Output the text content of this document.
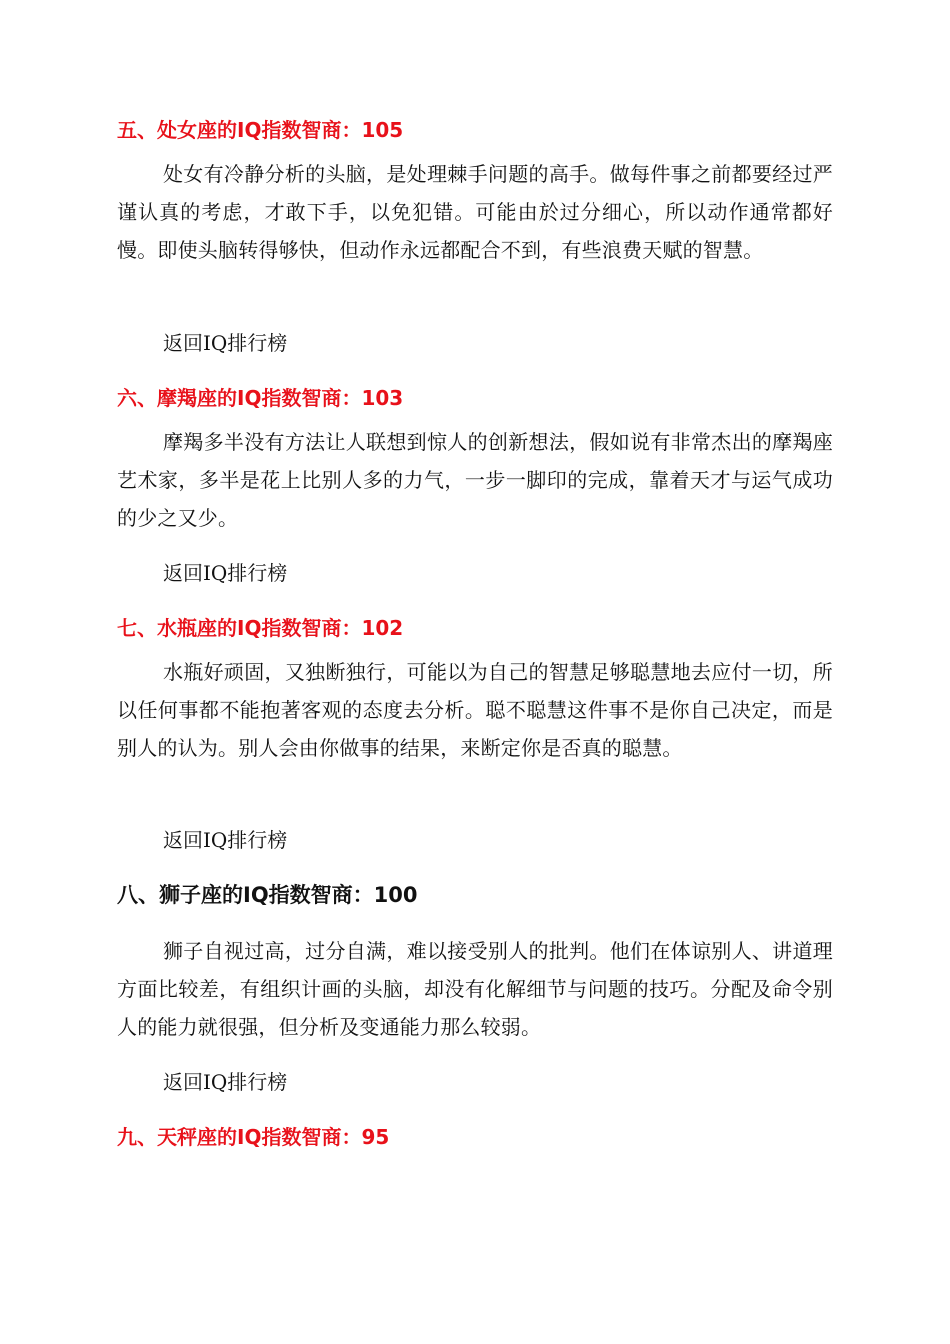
五、处女座的IQ指数智商：105

处女有冷静分析的头脑，是处理棘手问题的高手。做每件事之前都要经过严谨认真的考虑，才敢下手，以免犯错。可能由於过分细心，所以动作通常都好慢。即使头脑转得够快，但动作永远都配合不到，有些浪费天赋的智慧。

返回IQ排行榜
六、摩羯座的IQ指数智商：103

摩羯多半没有方法让人联想到惊人的创新想法，假如说有非常杰出的摩羯座艺术家，多半是花上比别人多的力气，一步一脚印的完成，靠着天才与运气成功的少之又少。

返回IQ排行榜
七、水瓶座的IQ指数智商：102

水瓶好顽固，又独断独行，可能以为自己的智慧足够聪慧地去应付一切，所以任何事都不能抱著客观的态度去分析。聪不聪慧这件事不是你自己决定，而是别人的认为。别人会由你做事的结果，来断定你是否真的聪慧。

返回IQ排行榜
八、狮子座的IQ指数智商：100

狮子自视过高，过分自满，难以接受别人的批判。他们在体谅别人、讲道理方面比较差，有组织计画的头脑，却没有化解细节与问题的技巧。分配及命令别人的能力就很强，但分析及变通能力那么较弱。

返回IQ排行榜
九、天秤座的IQ指数智商：95
